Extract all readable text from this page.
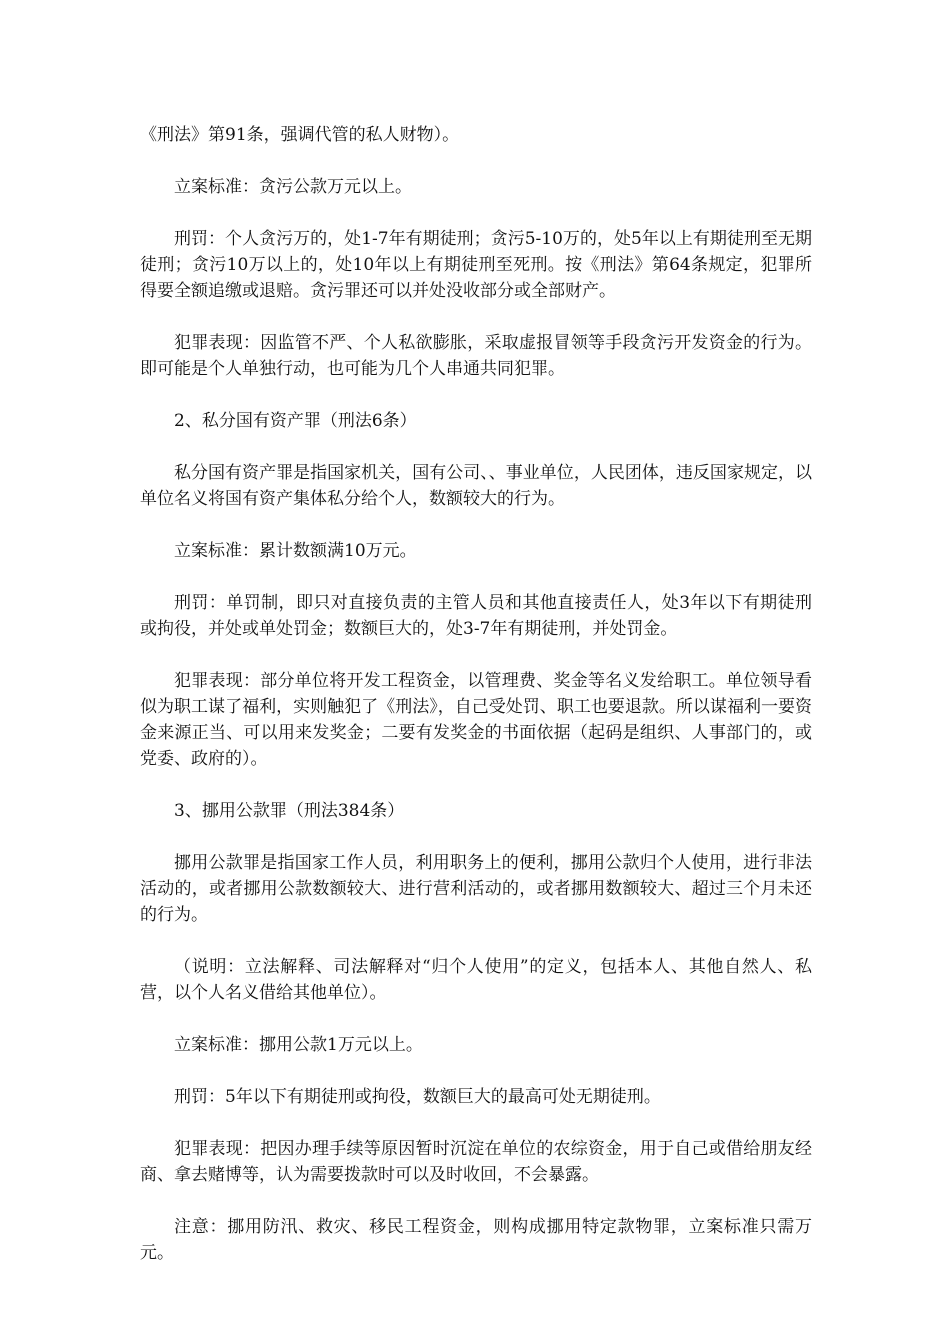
《刑法》第91条，强调代管的私人财物）。

立案标准：贪污公款万元以上。

刑罚：个人贪污万的，处1-7年有期徒刑；贪污5-10万的，处5年以上有期徒刑至无期徒刑；贪污10万以上的，处10年以上有期徒刑至死刑。按《刑法》第64条规定，犯罪所得要全额追缴或退赔。贪污罪还可以并处没收部分或全部财产。

犯罪表现：因监管不严、个人私欲膨胀，采取虚报冒领等手段贪污开发资金的行为。即可能是个人单独行动，也可能为几个人串通共同犯罪。

2、私分国有资产罪（刑法6条）

私分国有资产罪是指国家机关，国有公司、、事业单位，人民团体，违反国家规定，以单位名义将国有资产集体私分给个人，数额较大的行为。

立案标准：累计数额满10万元。

刑罚：单罚制，即只对直接负责的主管人员和其他直接责任人，处3年以下有期徒刑或拘役，并处或单处罚金；数额巨大的，处3-7年有期徒刑，并处罚金。

犯罪表现：部分单位将开发工程资金，以管理费、奖金等名义发给职工。单位领导看似为职工谋了福利，实则触犯了《刑法》，自己受处罚、职工也要退款。所以谋福利一要资金来源正当、可以用来发奖金；二要有发奖金的书面依据（起码是组织、人事部门的，或党委、政府的）。

3、挪用公款罪（刑法384条）

挪用公款罪是指国家工作人员，利用职务上的便利，挪用公款归个人使用，进行非法活动的，或者挪用公款数额较大、进行营利活动的，或者挪用数额较大、超过三个月未还的行为。

（说明：立法解释、司法解释对“归个人使用”的定义，包括本人、其他自然人、私营，以个人名义借给其他单位）。

立案标准：挪用公款1万元以上。

刑罚：5年以下有期徒刑或拘役，数额巨大的最高可处无期徒刑。

犯罪表现：把因办理手续等原因暂时沉淀在单位的农综资金，用于自己或借给朋友经商、拿去赌博等，认为需要拨款时可以及时收回，不会暴露。

注意：挪用防汛、救灾、移民工程资金，则构成挪用特定款物罪，立案标准只需万元。
